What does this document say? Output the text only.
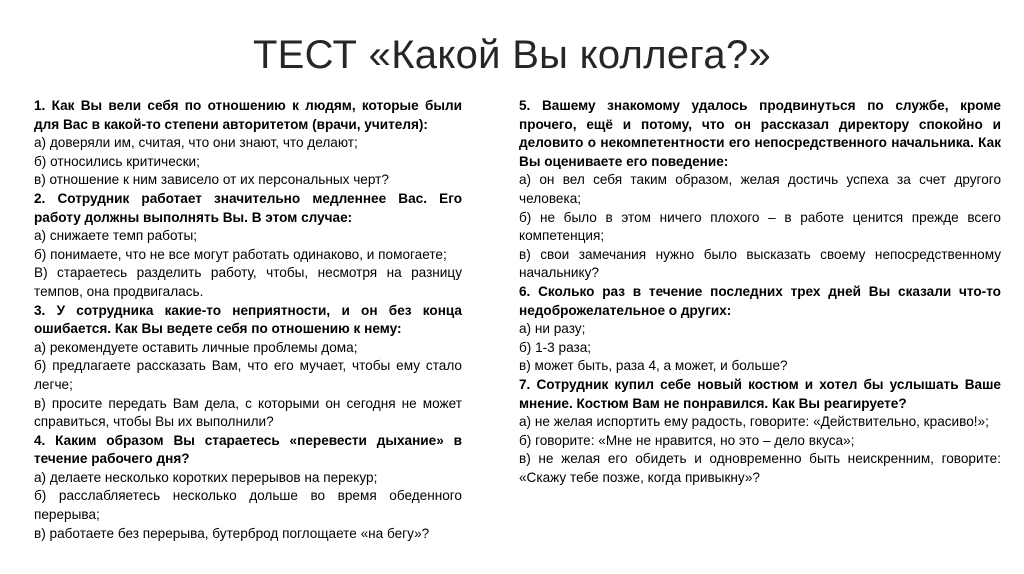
ТЕСТ «Какой Вы коллега?»
1. Как Вы вели себя по отношению к людям, которые были для Вас в какой-то степени авторитетом (врачи, учителя):
а) доверяли им, считая, что они знают, что делают;
б) относились критически;
в) отношение к ним зависело от их персональных черт?
2. Сотрудник работает значительно медленнее Вас. Его работу должны выполнять Вы. В этом случае:
а) снижаете темп работы;
б) понимаете, что не все могут работать одинаково, и помогаете;
В) стараетесь разделить работу, чтобы, несмотря на разницу темпов, она продвигалась.
3. У сотрудника какие-то неприятности, и он без конца ошибается. Как Вы ведете себя по отношению к нему:
а) рекомендуете оставить личные проблемы дома;
б) предлагаете рассказать Вам, что его мучает, чтобы ему стало легче;
в) просите передать Вам дела, с которыми он сегодня не может справиться, чтобы Вы их выполнили?
4. Каким образом Вы стараетесь «перевести дыхание» в течение рабочего дня?
а) делаете несколько коротких перерывов на перекур;
б) расслабляетесь несколько дольше во время обеденного перерыва;
в) работаете без перерыва, бутерброд поглощаете «на бегу»?
5. Вашему знакомому удалось продвинуться по службе, кроме прочего, ещё и потому, что он рассказал директору спокойно и деловито о некомпетентности его непосредственного начальника. Как Вы оцениваете его поведение:
а) он вел себя таким образом, желая достичь успеха за счет другого человека;
б) не было в этом ничего плохого – в работе ценится прежде всего компетенция;
в) свои замечания нужно было высказать своему непосредственному начальнику?
6. Сколько раз в течение последних трех дней Вы сказали что-то недоброжелательное о других:
а) ни разу;
б) 1-3 раза;
в) может быть, раза 4, а может, и больше?
7. Сотрудник купил себе новый костюм и хотел бы услышать Ваше мнение. Костюм Вам не понравился. Как Вы реагируете?
а) не желая испортить ему радость, говорите: «Действительно, красиво!»;
б) говорите: «Мне не нравится, но это – дело вкуса»;
в) не желая его обидеть и одновременно быть неискренним, говорите: «Скажу тебе позже, когда привыкну»?
